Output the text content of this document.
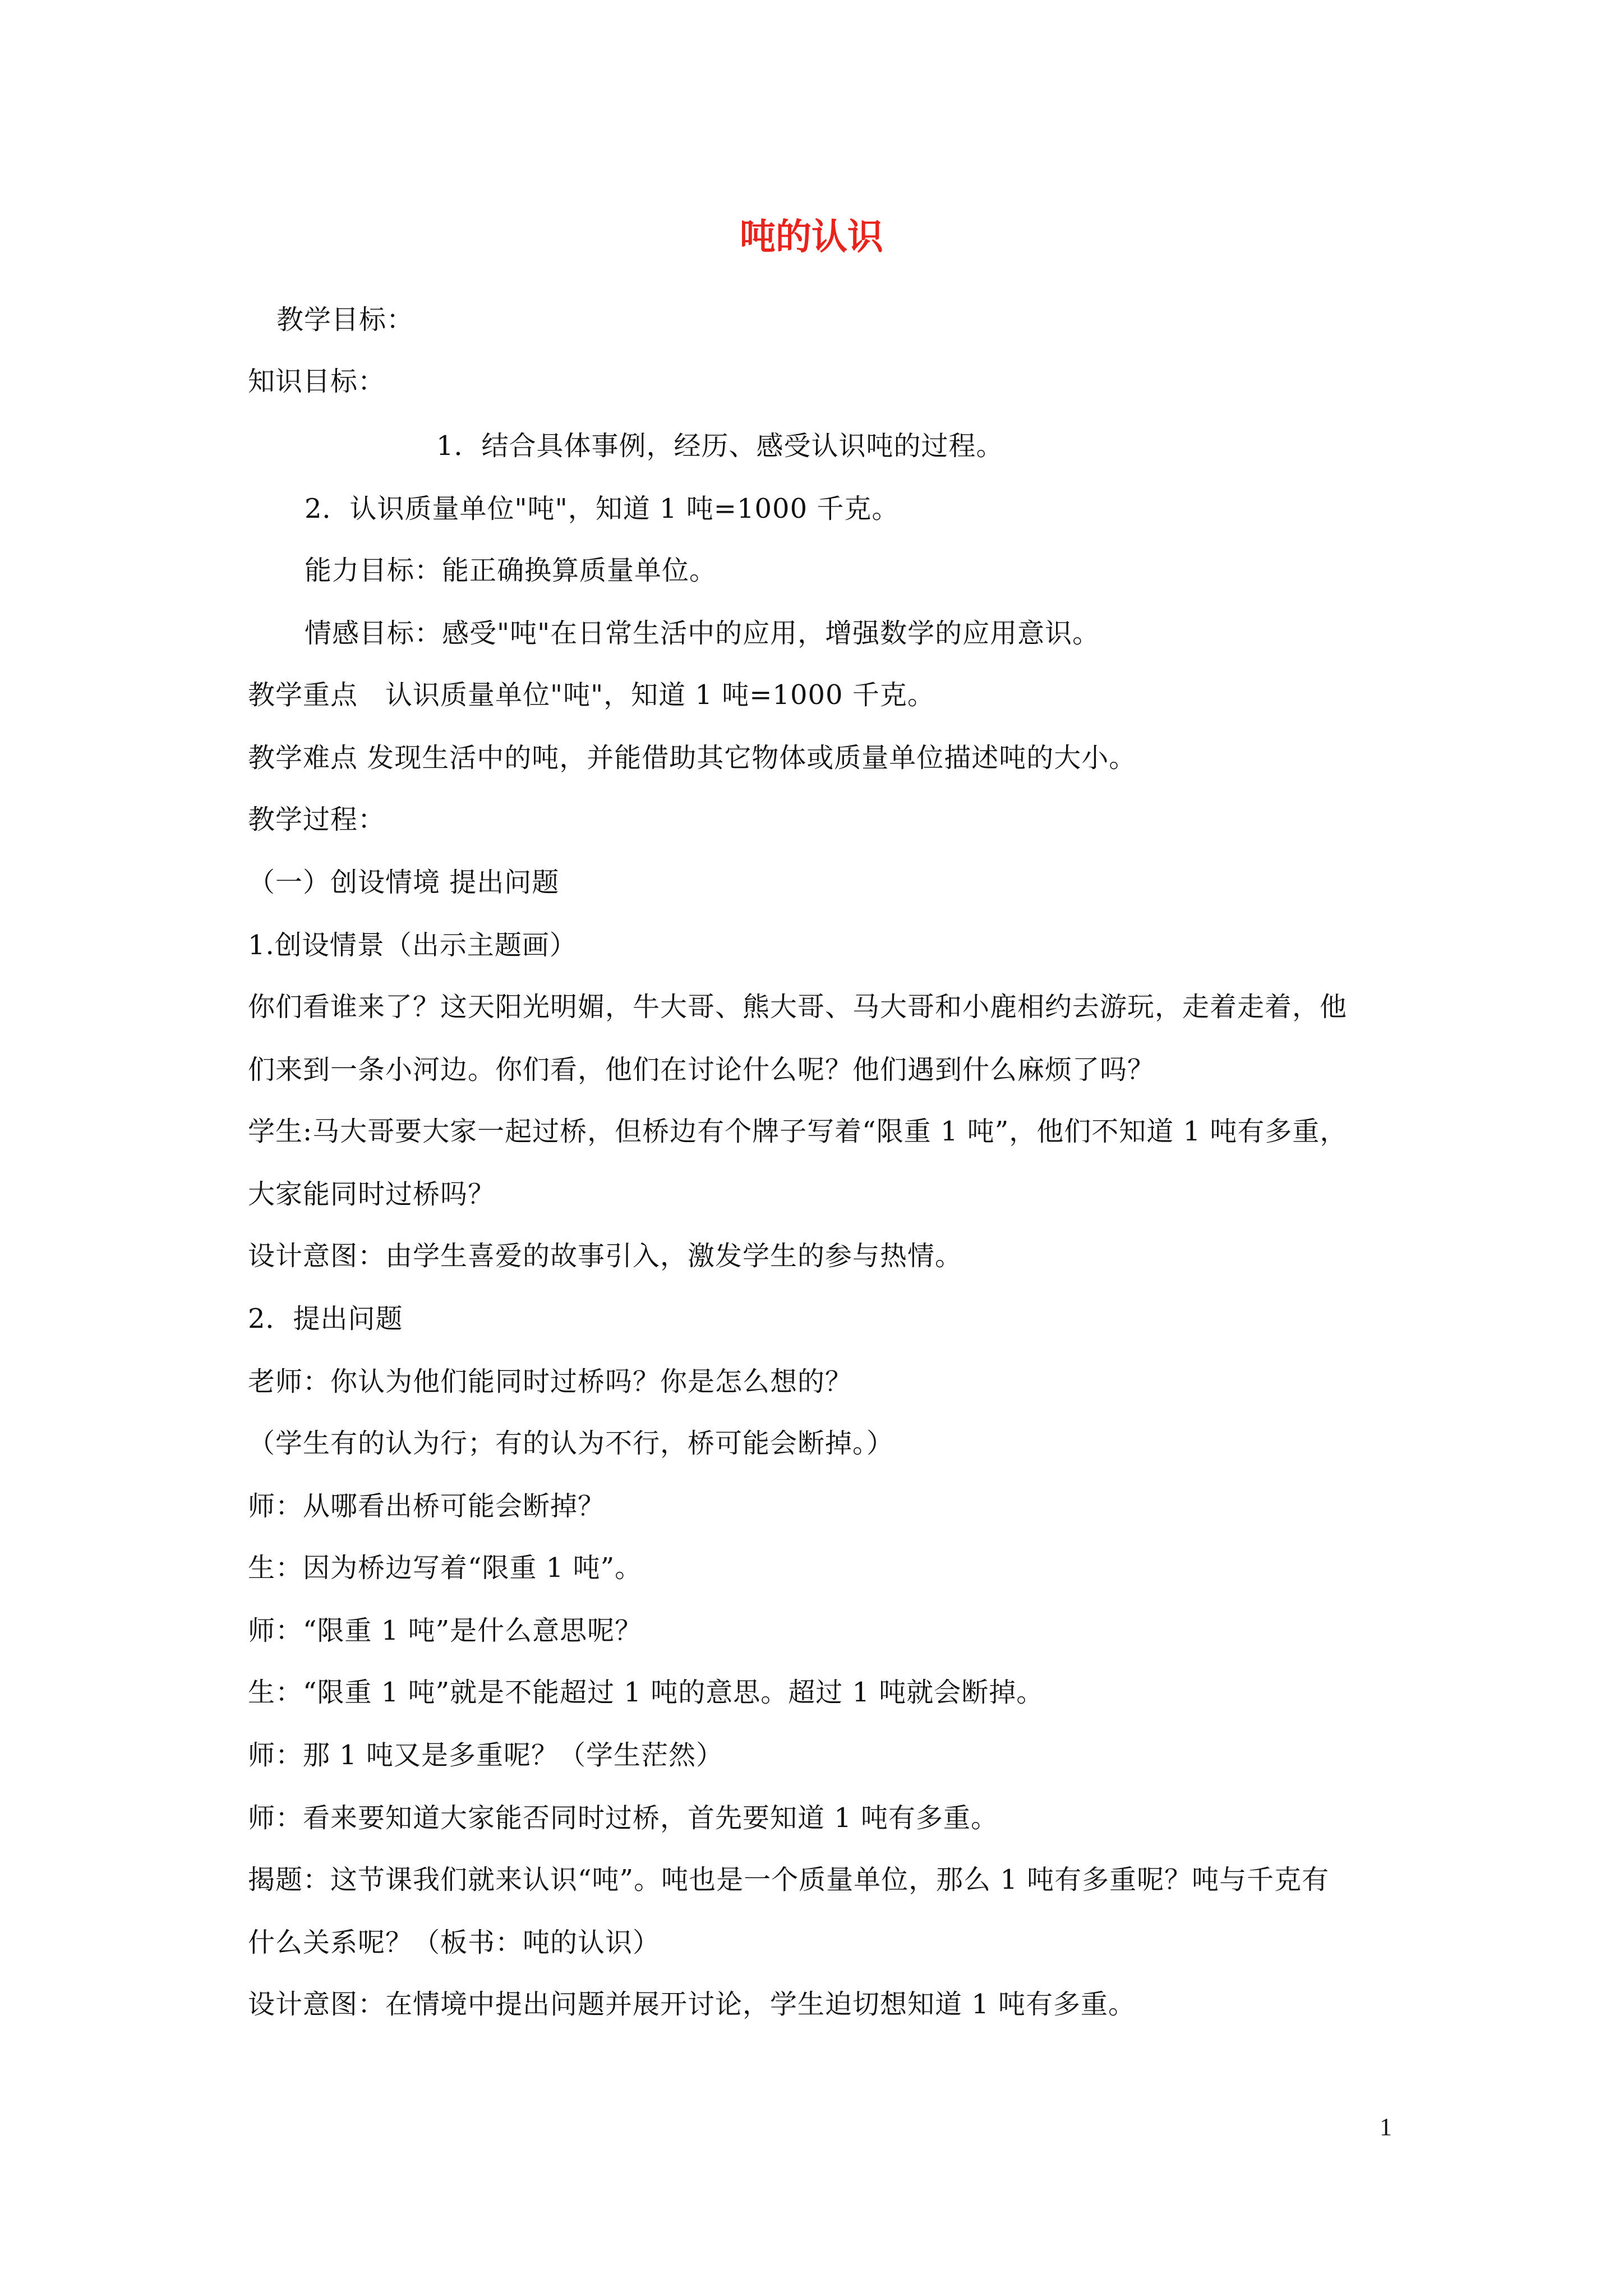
吨的认识
教学目标：
知识目标：
1．结合具体事例，经历、感受认识吨的过程。
2．认识质量单位"吨"，知道 1 吨=1000 千克。
能力目标：能正确换算质量单位。
情感目标：感受"吨"在日常生活中的应用，增强数学的应用意识。
教学重点　认识质量单位"吨"，知道 1 吨=1000 千克。
教学难点 发现生活中的吨，并能借助其它物体或质量单位描述吨的大小。
教学过程：
（一）创设情境 提出问题
1.创设情景（出示主题画）
你们看谁来了？这天阳光明媚，牛大哥、熊大哥、马大哥和小鹿相约去游玩，走着走着，他
们来到一条小河边。你们看，他们在讨论什么呢？他们遇到什么麻烦了吗？
学生:马大哥要大家一起过桥，但桥边有个牌子写着“限重 1 吨”，他们不知道 1 吨有多重，
大家能同时过桥吗？
设计意图：由学生喜爱的故事引入，激发学生的参与热情。
2．提出问题
老师：你认为他们能同时过桥吗？你是怎么想的？
（学生有的认为行；有的认为不行，桥可能会断掉。）
师：从哪看出桥可能会断掉？
生：因为桥边写着“限重 1 吨”。
师：“限重 1 吨”是什么意思呢？
生：“限重 1 吨”就是不能超过 1 吨的意思。超过 1 吨就会断掉。
师：那 1 吨又是多重呢？（学生茫然）
师：看来要知道大家能否同时过桥，首先要知道 1 吨有多重。
揭题：这节课我们就来认识“吨”。吨也是一个质量单位，那么 1 吨有多重呢？吨与千克有
什么关系呢？（板书：吨的认识）
设计意图：在情境中提出问题并展开讨论，学生迫切想知道 1 吨有多重。
1
